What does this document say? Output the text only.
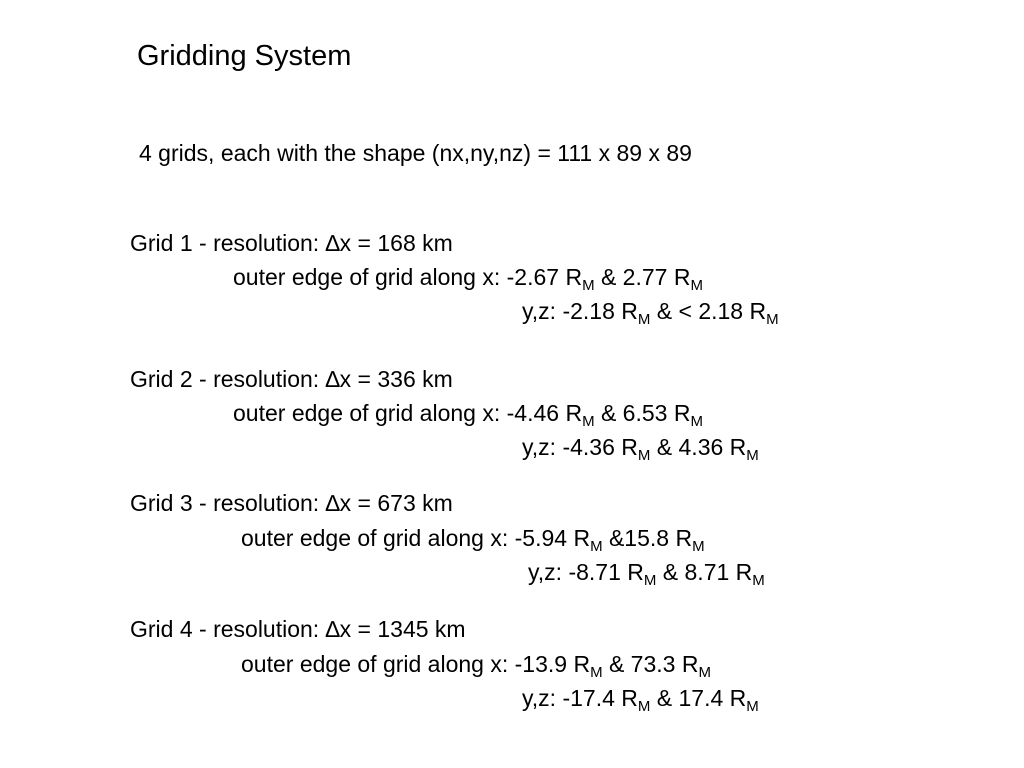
Gridding System
4 grids, each with the shape (nx,ny,nz) = 111 x 89 x 89
Grid 1 - resolution: ∆x = 168 km
outer edge of grid along x: -2.67 $R_M$ & 2.77 $R_M$
y,z: -2.18 $R_M$ & < 2.18 $R_M$
Grid 2 - resolution: ∆x = 336 km
outer edge of grid along x: -4.46 $R_M$ & 6.53 $R_M$
y,z: -4.36 $R_M$ & 4.36 $R_M$
Grid 3 - resolution: ∆x = 673 km
outer edge of grid along x: -5.94 $R_M$ &15.8 $R_M$
y,z: -8.71 $R_M$ & 8.71 $R_M$
Grid 4 - resolution: ∆x = 1345 km
outer edge of grid along x: -13.9 $R_M$ & 73.3 $R_M$
y,z: -17.4 $R_M$ & 17.4 $R_M$
